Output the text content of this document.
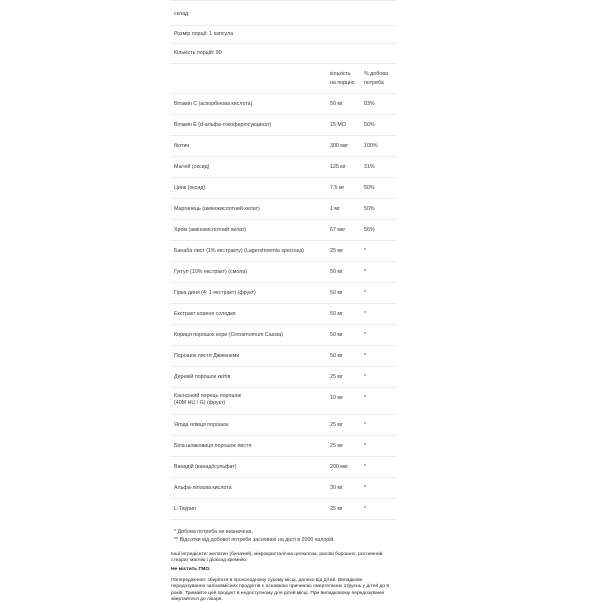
склад:
Розмір порції: 1 капсула
Кількість порцій: 90
кількість
на порцію
% добова
потреба
Вітамін С (аскорбінова кислота)	50 мг	83%
Вітамін Е (d-альфа-токоферілсукцинат)	15 МО	50%
біотин	300 мкг	100%
Магній (оксид)	125 мг	31%
Цинк (оксид)	7.5 мг	50%
Марганець (амінокислотний хелат)	1 мг	50%
Хром (амінокислотний хелат)	67 мкг	56%
Банаба лист (1% екстракту) (Lagerstroemia speciosa)	25 мг	*
Гуггул (10% екстракт) (смола)	50 мг	*
Гірка диня (4: 1 екстракт) (фрукт)	50 мг	*
Екстракт кореня солодки	50 мг	*
Кориця порошок кори (Cinnamomum Cassia)	50 мг	*
Порошок листя Джимнеми	50 мг	*
Деревій порошок квітів	25 мг	*
Каєнський перець порошок
(40М HU / G) (фрукт)
10 мг	*
Ягода ялівця порошок	25 мг	*
Біла шовковиця порошок листя	25 мг	*
Ванадій (ванадіїсульфат)	200 мкг	*
Альфа-ліпоєва кислота	30 мг	*
L-Таурин	25 мг	*
* Добова потреба не визначена.
** Відсотки від добової потреби засновані на дієті в 2000 калорій.
Інші інгредієнти: желатин (бичачий), мікрокристалічна целюлоза, рисові борошно, рослинний стеарат магнію і діоксид кремнію.
Не містить ГМО.
Попередження: зберігати в прохолодному сухому місці, далеко від дітей. Випадкове передозування залізовмісних продуктів є основною причиною смертельних отруєнь у дітей до 6 років. Тримайте цей продукт в недоступному для дітей місці. При випадковому передозуванні звертайтеся до лікаря.
